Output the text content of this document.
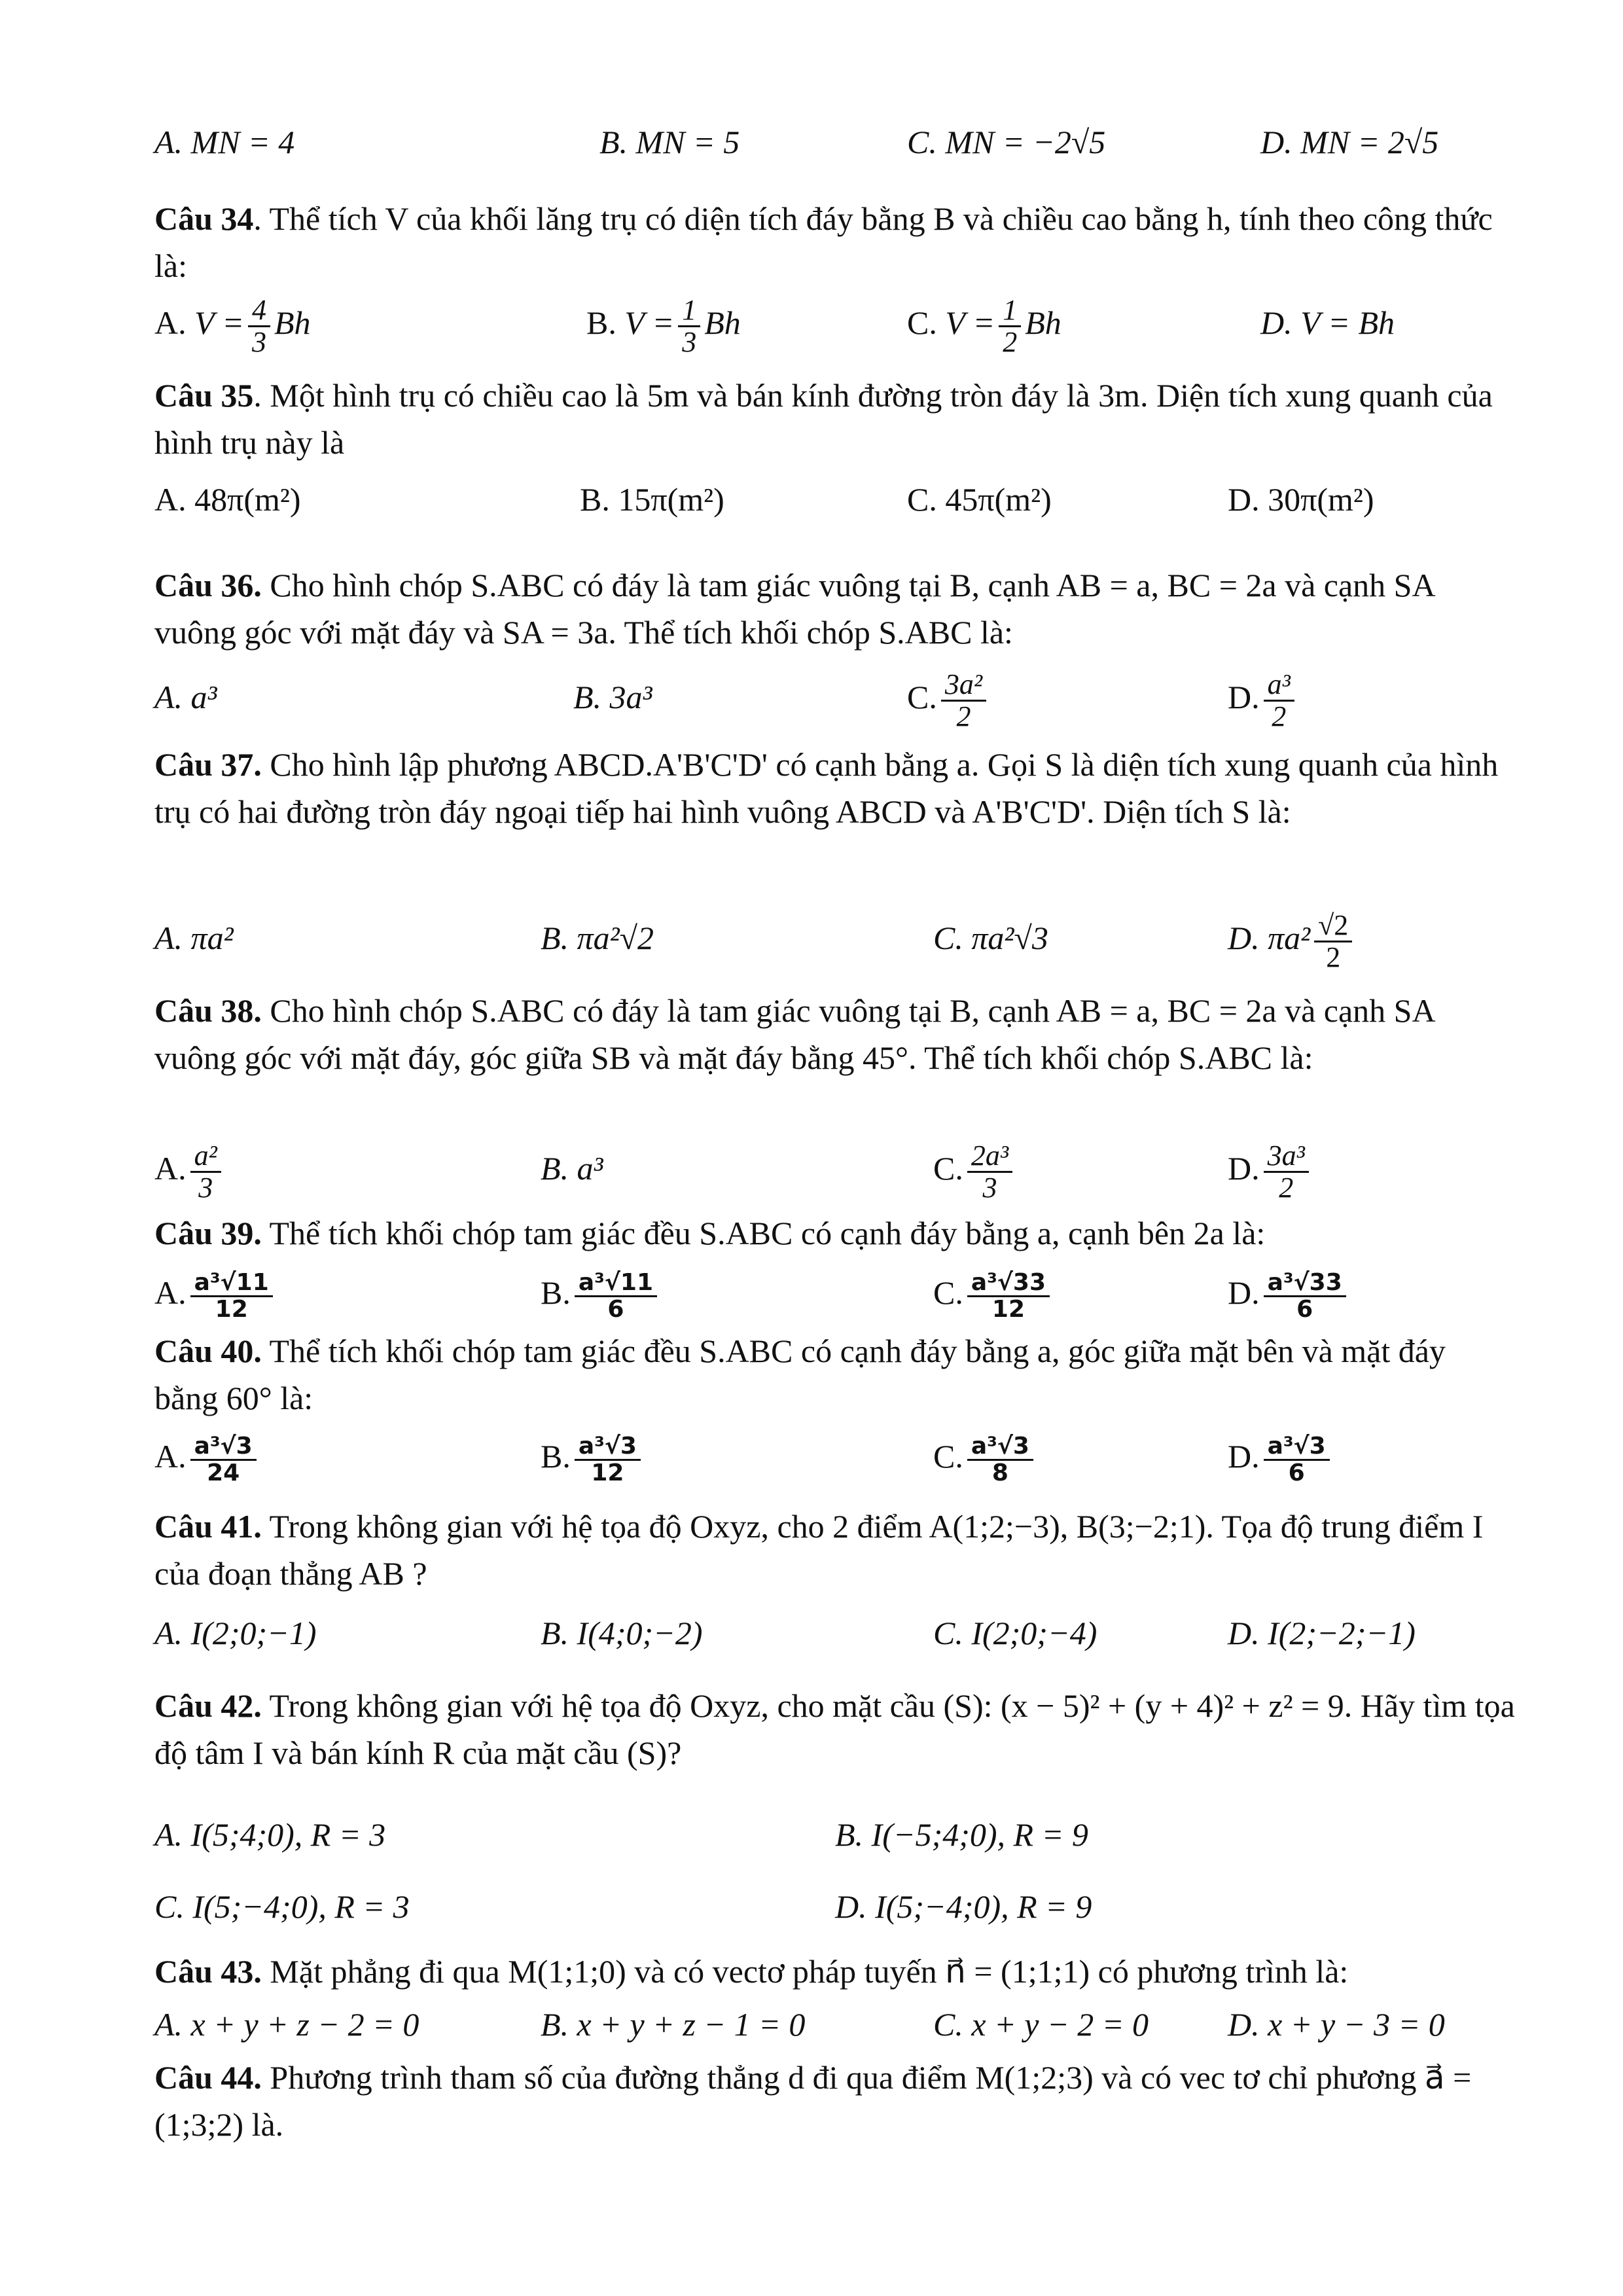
A. MN = 4	B. MN = 5	C. MN = −2√5	D. MN = 2√5
Câu 34. Thể tích V của khối lăng trụ có diện tích đáy bằng B và chiều cao bằng h, tính theo công thức là:
A. $V = \frac{4}{3}$ Bh	B. $V = \frac{1}{3}$ Bh	C. $V = \frac{1}{2}$ Bh	D. V = Bh
Câu 35. Một hình trụ có chiều cao là 5m và bán kính đường tròn đáy là 3m. Diện tích xung quanh của hình trụ này là
A. 48π(m²)	B. 15π(m²)	C. 45π(m²)	D. 30π(m²)
Câu 36. Cho hình chóp S.ABC có đáy là tam giác vuông tại B, cạnh AB = a, BC = 2a và cạnh SA vuông góc với mặt đáy và SA = 3a. Thể tích khối chóp S.ABC là:
A. a³	B. 3a³	C. $\frac{\text{3a²}}{2}$	D. $\frac{\text{a³}}{2}$
Câu 37. Cho hình lập phương ABCD.A'B'C'D' có cạnh bằng a. Gọi S là diện tích xung quanh của hình trụ có hai đường tròn đáy ngoại tiếp hai hình vuông ABCD và A'B'C'D'. Diện tích S là:
A. πa²	B. πa²√2	C. πa²√3	D. $\pi a^2 \frac{√2}{2}$
Câu 38. Cho hình chóp S.ABC có đáy là tam giác vuông tại B, cạnh AB = a, BC = 2a và cạnh SA vuông góc với mặt đáy, góc giữa SB và mặt đáy bằng 45°. Thể tích khối chóp S.ABC là:
A. $\frac{\text{a²}}{3}$	B. a³	C. $\frac{\text{2a³}}{3}$	D. $\frac{\text{3a³}}{2}$
Câu 39. Thể tích khối chóp tam giác đều S.ABC có cạnh đáy bằng a, cạnh bên 2a là:
A. $\frac{\text{a³√11}}{12}$	B. $\frac{\text{a³√11}}{6}$	C. $\frac{\text{a³√33}}{12}$	D. $\frac{\text{a³√33}}{6}$
Câu 40. Thể tích khối chóp tam giác đều S.ABC có cạnh đáy bằng a, góc giữa mặt bên và mặt đáy bằng 60° là:
A. $\frac{\text{a³√3}}{24}$	B. $\frac{\text{a³√3}}{12}$	C. $\frac{\text{a³√3}}{8}$	D. $\frac{\text{a³√3}}{6}$
Câu 41. Trong không gian với hệ tọa độ Oxyz, cho 2 điểm A(1;2;−3), B(3;−2;1). Tọa độ trung điểm I của đoạn thẳng AB ?
A. I(2;0;−1)	B. I(4;0;−2)	C. I(2;0;−4)	D. I(2;−2;−1)
Câu 42. Trong không gian với hệ tọa độ Oxyz, cho mặt cầu (S): (x − 5)² + (y + 4)² + z² = 9. Hãy tìm tọa độ tâm I và bán kính R của mặt cầu (S)?
A. I(5;4;0), R = 3	B. I(−5;4;0), R = 9
C. I(5;−4;0), R = 3	D. I(5;−4;0), R = 9
Câu 43. Mặt phẳng đi qua M(1;1;0) và có vectơ pháp tuyến n⃗ = (1;1;1) có phương trình là:
A. x + y + z − 2 = 0	B. x + y + z − 1 = 0	C. x + y − 2 = 0 D. x + y − 3 = 0
Câu 44. Phương trình tham số của đường thẳng d đi qua điểm M(1;2;3) và có vec tơ chỉ phương a⃗ = (1;3;2) là.
